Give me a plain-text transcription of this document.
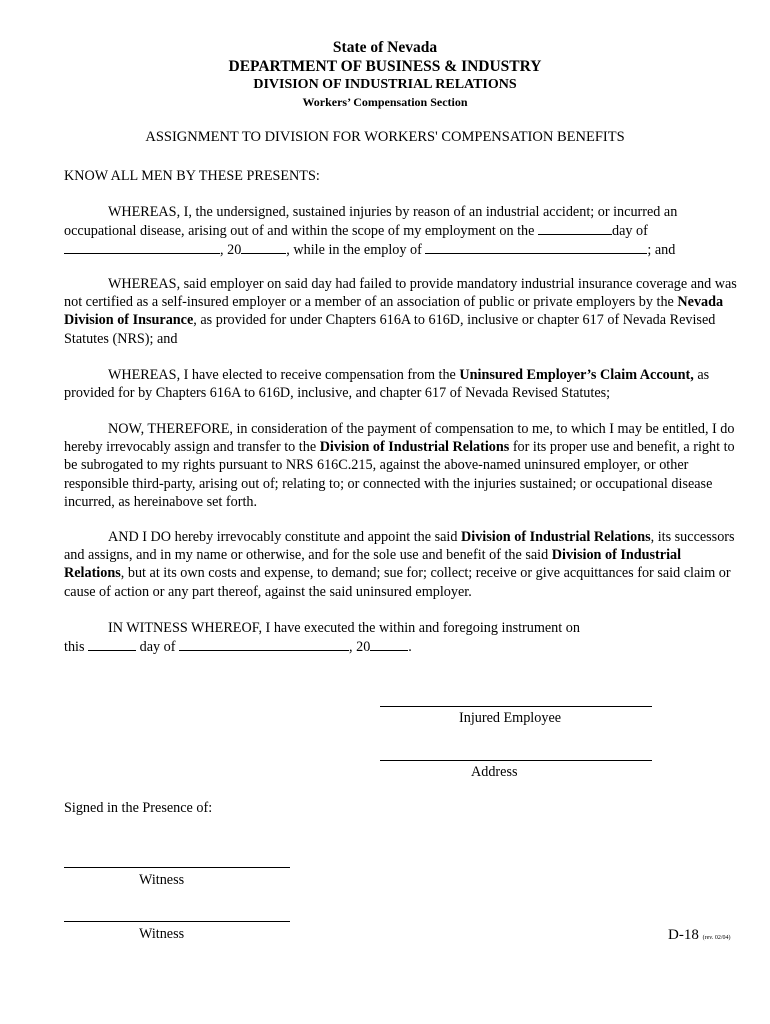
State of Nevada
DEPARTMENT OF BUSINESS & INDUSTRY
DIVISION OF INDUSTRIAL RELATIONS
Workers’ Compensation Section
ASSIGNMENT TO DIVISION FOR WORKERS' COMPENSATION BENEFITS
KNOW ALL MEN BY THESE PRESENTS:
WHEREAS, I, the undersigned, sustained injuries by reason of an industrial accident; or incurred an occupational disease, arising out of and within the scope of my employment on the	day of, 20	, while in the employ of	; and
WHEREAS, said employer on said day had failed to provide mandatory industrial insurance coverage and was not certified as a self-insured employer or a member of an association of public or private employers by the Nevada Division of Insurance, as provided for under Chapters 616A to 616D, inclusive or chapter 617 of Nevada Revised Statutes (NRS); and
WHEREAS, I have elected to receive compensation from the Uninsured Employer’s Claim Account, as provided for by Chapters 616A to 616D, inclusive, and chapter 617 of Nevada Revised Statutes;
NOW, THEREFORE, in consideration of the payment of compensation to me, to which I may be entitled, I do hereby irrevocably assign and transfer to the Division of Industrial Relations for its proper use and benefit, a right to be subrogated to my rights pursuant to NRS 616C.215, against the above-named uninsured employer, or other responsible third-party, arising out of; relating to; or connected with the injuries sustained; or occupational disease incurred, as hereinabove set forth.
AND I DO hereby irrevocably constitute and appoint the said Division of Industrial Relations, its successors and assigns, and in my name or otherwise, and for the sole use and benefit of the said Division of Industrial Relations, but at its own costs and expense, to demand; sue for; collect; receive or give acquittances for said claim or cause of action or any part thereof, against the said uninsured employer.
IN WITNESS WHEREOF, I have executed the within and foregoing instrument on
this	day of	, 20	.
Injured Employee
Address
Signed in the Presence of:
Witness
Witness	D-18 (rev. 02/04)
